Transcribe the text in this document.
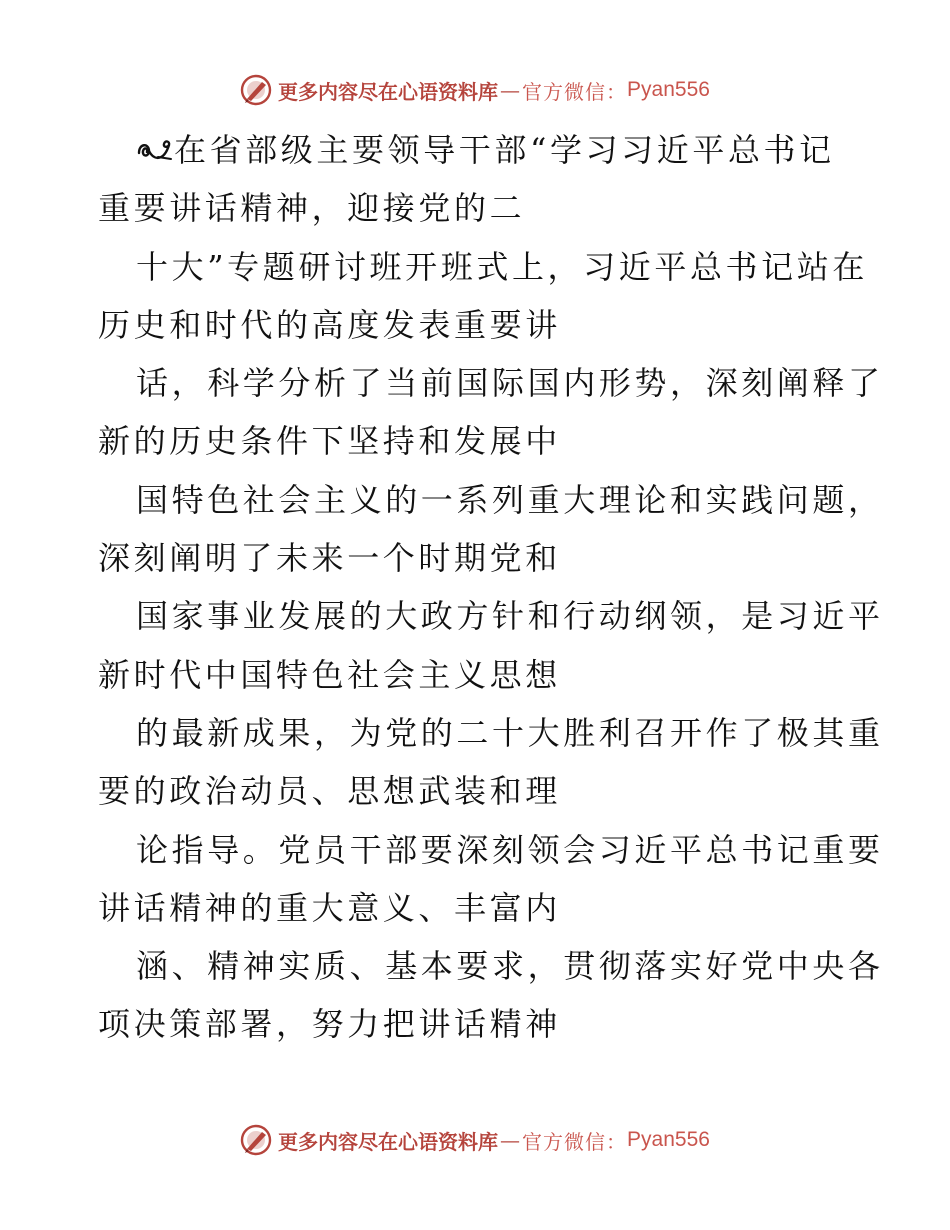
更多内容尽在心语资料库 — 官方微信： Pyan556
在省部级主要领导干部“学习习近平总书记
重要讲话精神，迎接党的二
十大”专题研讨班开班式上，习近平总书记站在
历史和时代的高度发表重要讲
话，科学分析了当前国际国内形势，深刻阐释了
新的历史条件下坚持和发展中
国特色社会主义的一系列重大理论和实践问题，
深刻阐明了未来一个时期党和
国家事业发展的大政方针和行动纲领，是习近平
新时代中国特色社会主义思想
的最新成果，为党的二十大胜利召开作了极其重
要的政治动员、思想武装和理
论指导。党员干部要深刻领会习近平总书记重要
讲话精神的重大意义、丰富内
涵、精神实质、基本要求，贯彻落实好党中央各
项决策部署，努力把讲话精神
更多内容尽在心语资料库 — 官方微信： Pyan556
